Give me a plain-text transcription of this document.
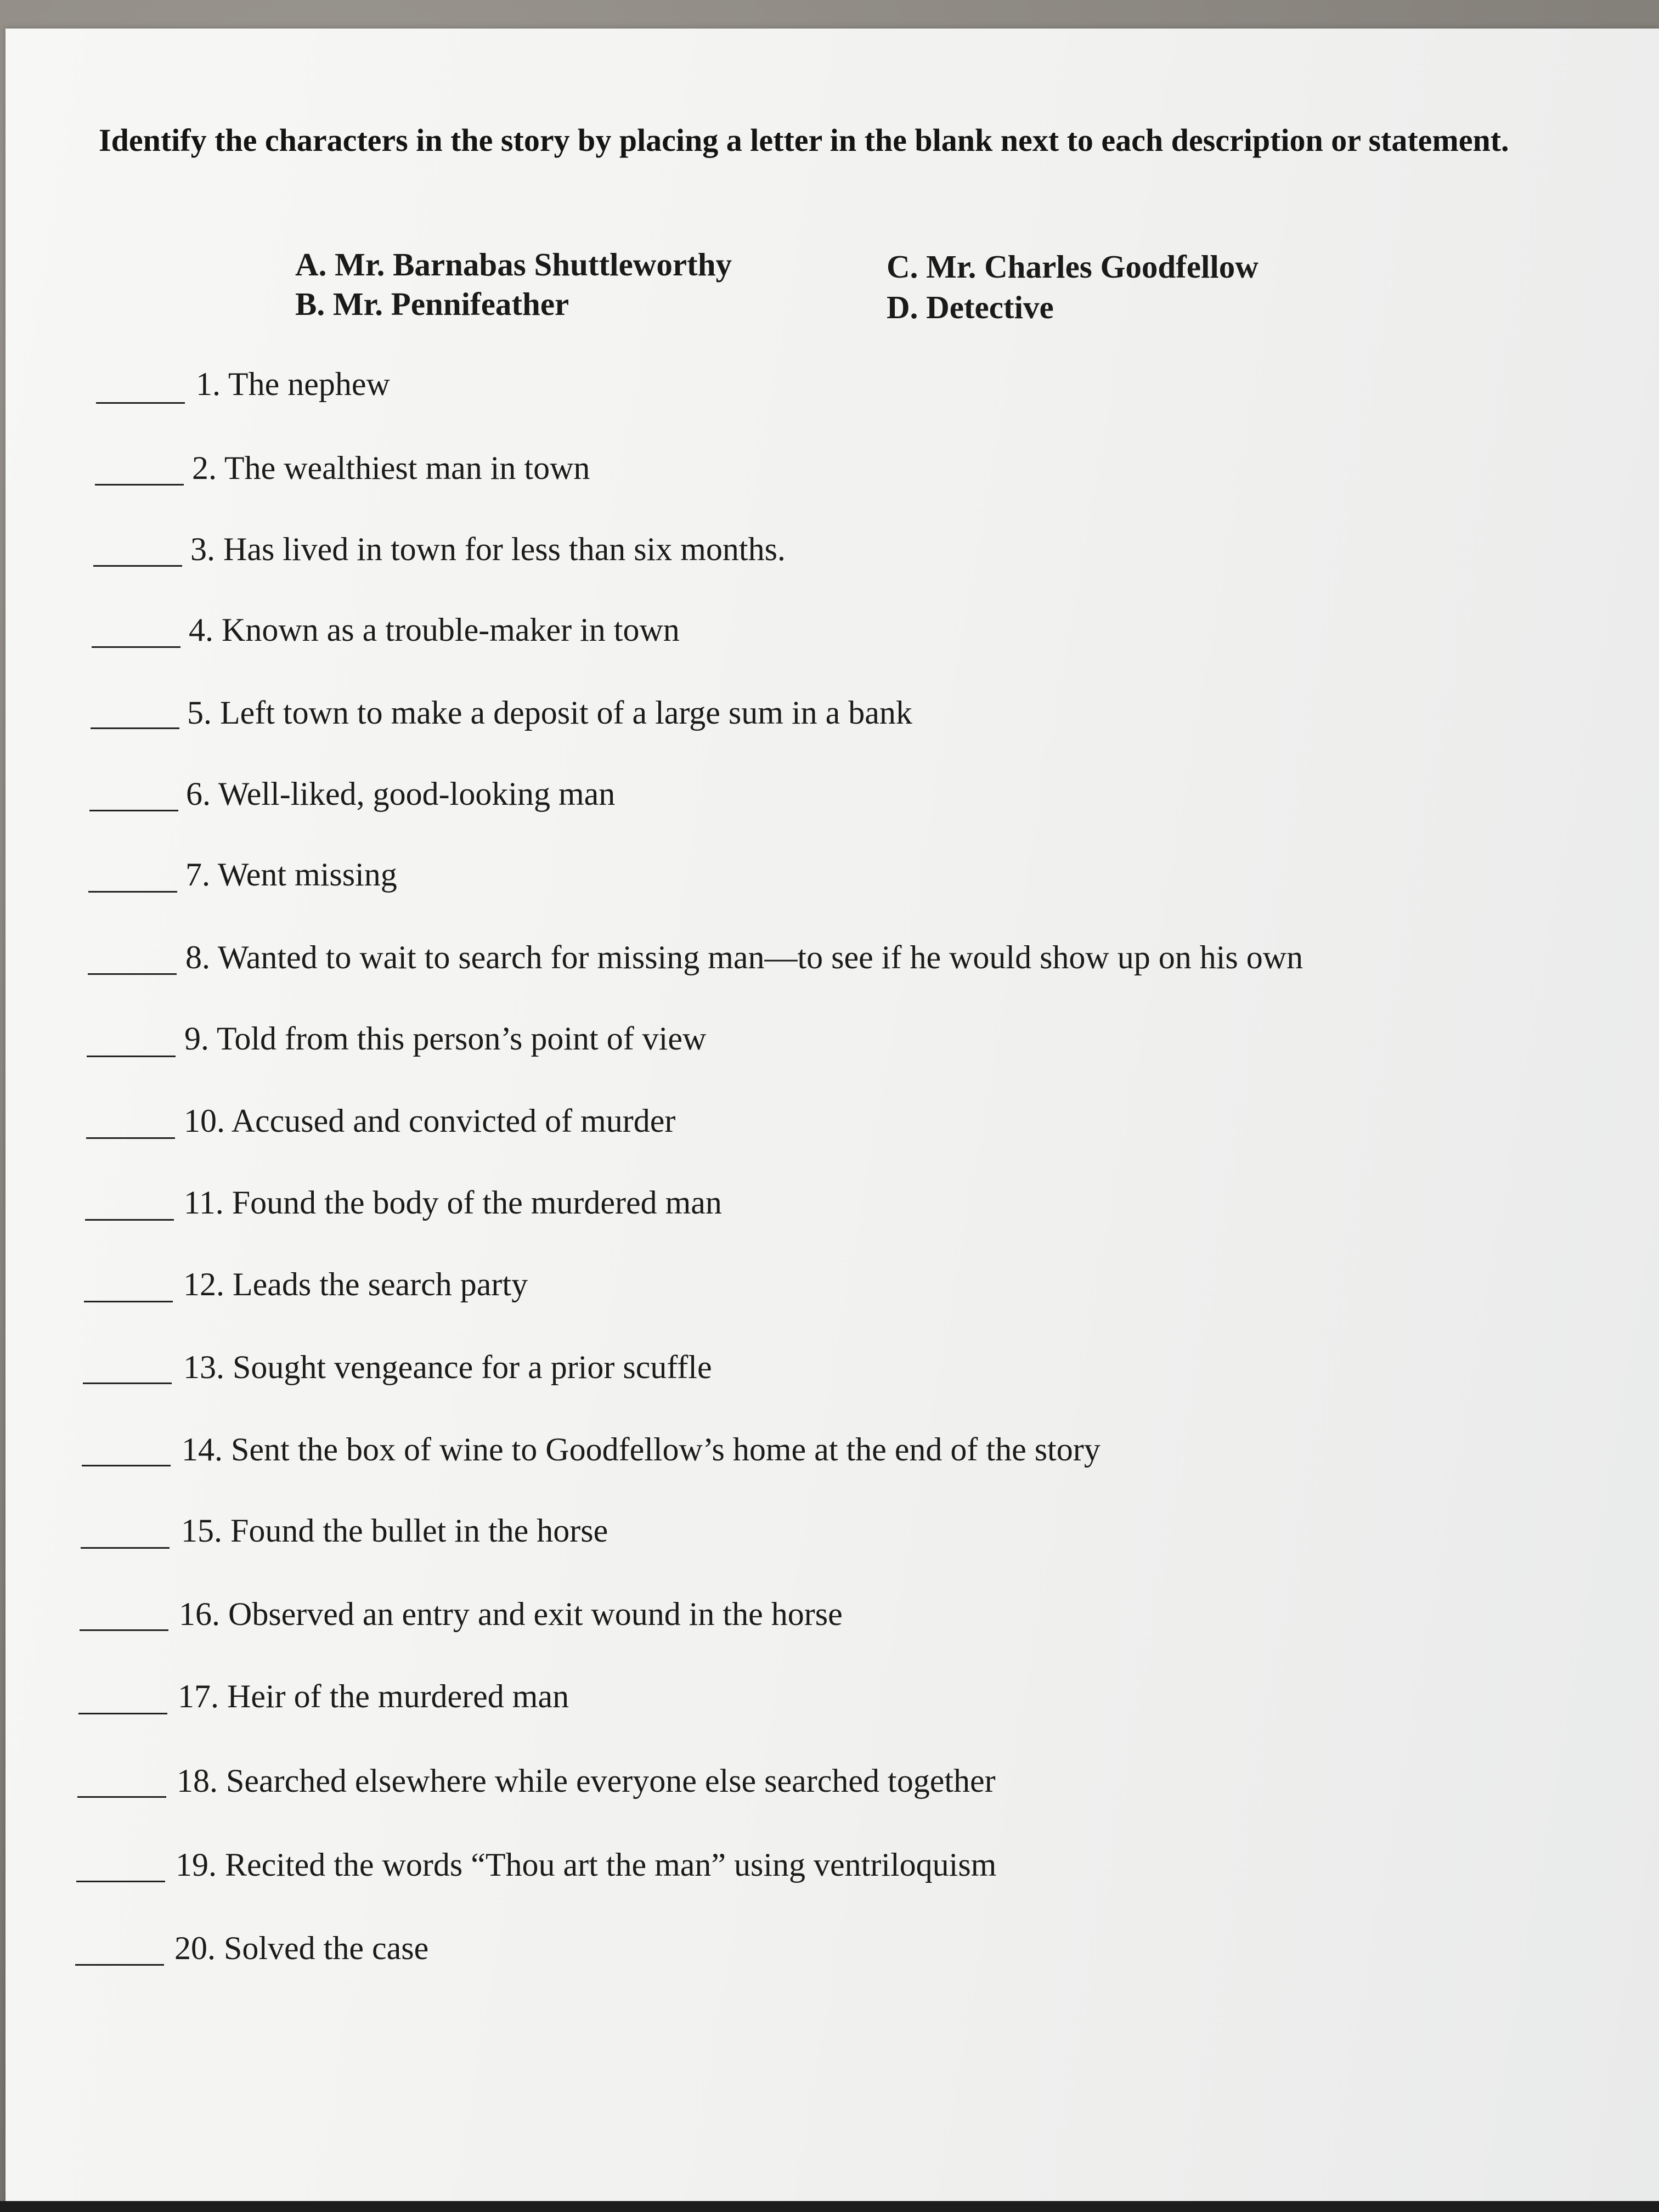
Identify the characters in the story by placing a letter in the blank next to each description or statement.
A. Mr. Barnabas Shuttleworthy
B. Mr. Pennifeather
C. Mr. Charles Goodfellow
D. Detective
1. The nephew
2. The wealthiest man in town
3. Has lived in town for less than six months.
4. Known as a trouble-maker in town
5. Left town to make a deposit of a large sum in a bank
6. Well-liked, good-looking man
7. Went missing
8. Wanted to wait to search for missing man—to see if he would show up on his own
9. Told from this person’s point of view
10. Accused and convicted of murder
11. Found the body of the murdered man
12. Leads the search party
13. Sought vengeance for a prior scuffle
14. Sent the box of wine to Goodfellow’s home at the end of the story
15. Found the bullet in the horse
16. Observed an entry and exit wound in the horse
17. Heir of the murdered man
18. Searched elsewhere while everyone else searched together
19. Recited the words “Thou art the man” using ventriloquism
20. Solved the case
